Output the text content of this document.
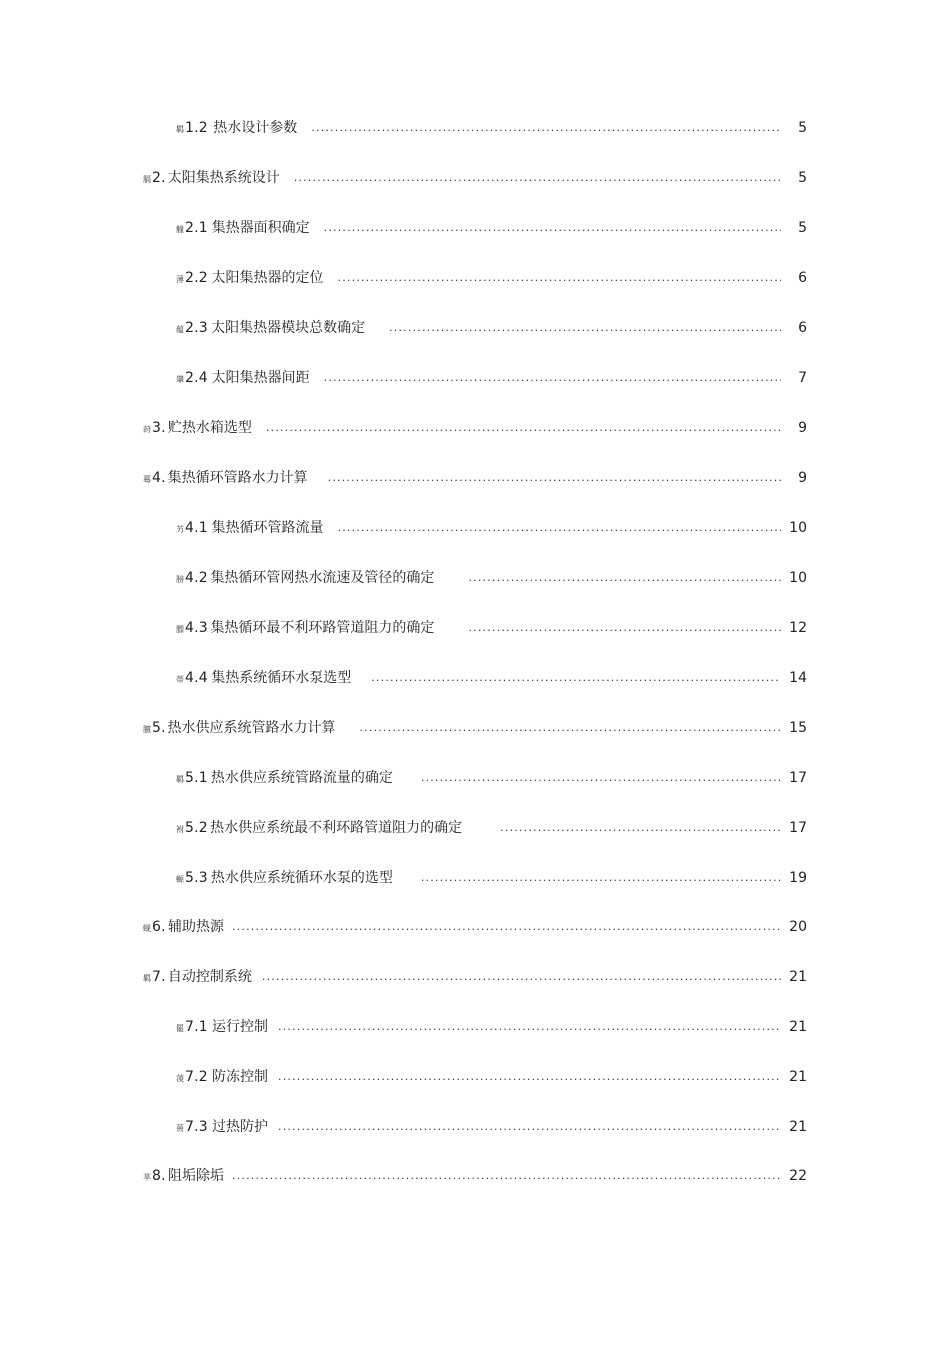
羁 1.2 热水设计参数 .....	5
膈 2. 太阳集热系统设计 .....	5
艟 2.1 集热器面积确定 .....	5
薄 2.2 太阳集热器的定位 .....	6
蕴 2.3 太阳集热器模块总数确定 .....	6
肇 2.4 太阳集热器间距 .....	7
莳 3. 贮热水箱选型 .....	9
蓦 4. 集热循环管路水力计算 .....	9
艻 4.1 集热循环管路流量 .....	10
膀 4.2 集热循环管网热水流速及管径的确定 .....	10
膘 4.3 集热循环最不利环路管道阻力的确定 .....	12
蒂 4.4 集热系统循环水泵选型 .....	14
膻 5. 热水供应系统管路水力计算 .....	15
羁 5.1 热水供应系统管路流量的确定 .....	17
袝 5.2 热水供应系统最不利环路管道阻力的确定 .....	17
螈 5.3 热水供应系统循环水泵的选型 .....	19
蚬 6. 辅助热源 .....	20
羁 7. 自动控制系统 .....	21
罷 7.1 运行控制 .....	21
蓤 7.2 防冻控制 .....	21
蒉 7.3 过热防护 .....	21
芈 8. 阻垢除垢 .....	22
